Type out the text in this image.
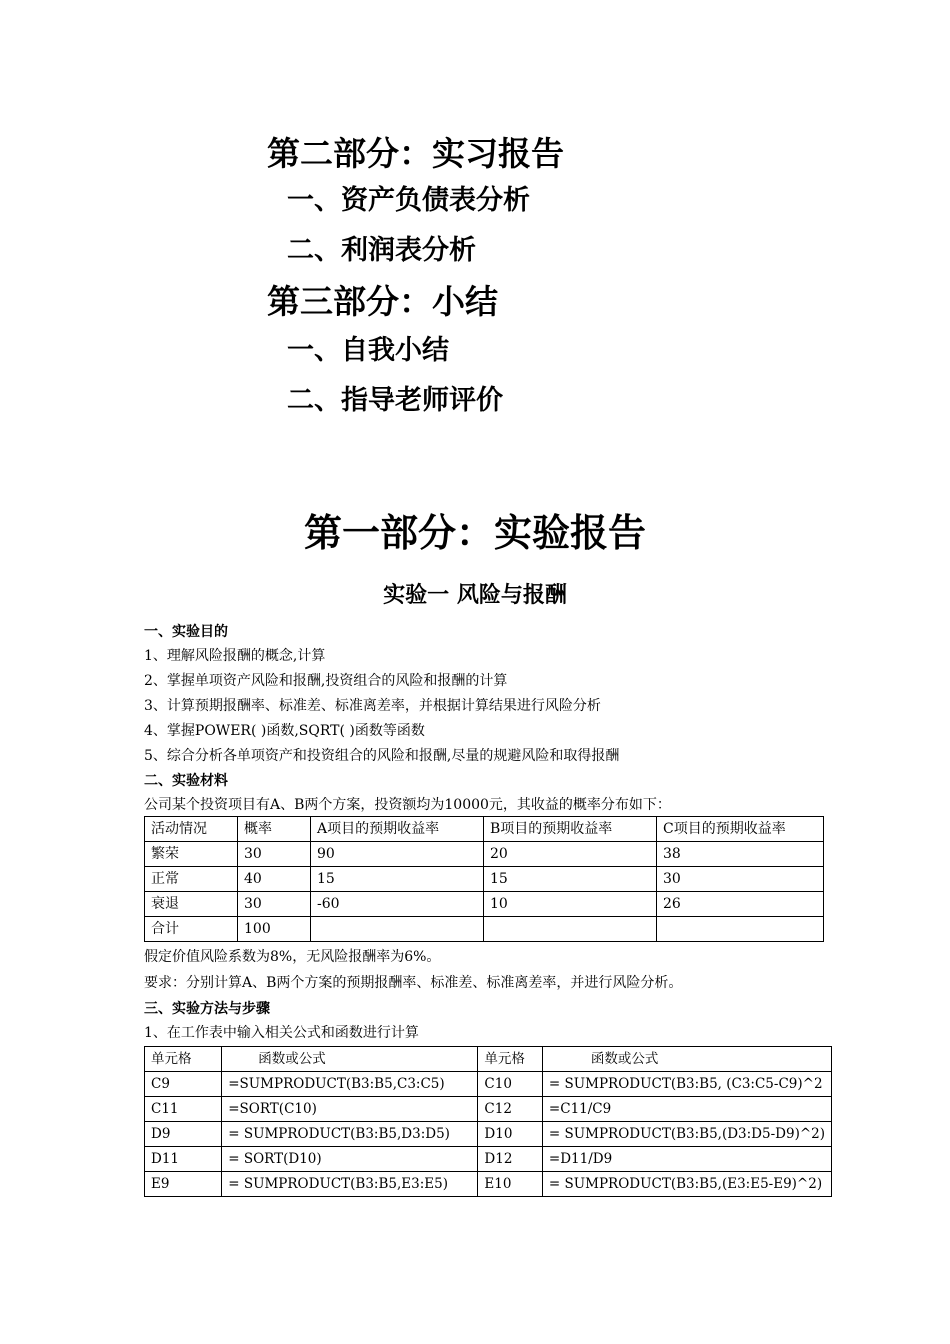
第二部分：实习报告
一、资产负债表分析
二、利润表分析
第三部分：小结
一、自我小结
二、指导老师评价
第一部分：实验报告
实验一 风险与报酬
一、实验目的
1、理解风险报酬的概念,计算
2、掌握单项资产风险和报酬,投资组合的风险和报酬的计算
3、计算预期报酬率、标准差、标准离差率，并根据计算结果进行风险分析
4、掌握POWER( )函数,SQRT( )函数等函数
5、综合分析各单项资产和投资组合的风险和报酬,尽量的规避风险和取得报酬
二、实验材料
公司某个投资项目有A、B两个方案，投资额均为10000元，其收益的概率分布如下：
活动情况	概率	A项目的预期收益率	B项目的预期收益率	C项目的预期收益率
繁荣	30	90	20	38
正常	40	15	15	30
衰退	30	-60	10	26
合计	100			
假定价值风险系数为8%，无风险报酬率为6%。
要求：分别计算A、B两个方案的预期报酬率、标准差、标准离差率，并进行风险分析。
三、实验方法与步骤
1、在工作表中输入相关公式和函数进行计算
单元格	函数或公式	单元格	函数或公式
C9	=SUMPRODUCT(B3:B5,C3:C5)	C10	= SUMPRODUCT(B3:B5, (C3:C5-C9)^2
C11	=SORT(C10)	C12	=C11/C9
D9	= SUMPRODUCT(B3:B5,D3:D5)	D10	= SUMPRODUCT(B3:B5,(D3:D5-D9)^2)
D11	= SORT(D10)	D12	=D11/D9
E9	= SUMPRODUCT(B3:B5,E3:E5)	E10	= SUMPRODUCT(B3:B5,(E3:E5-E9)^2)
